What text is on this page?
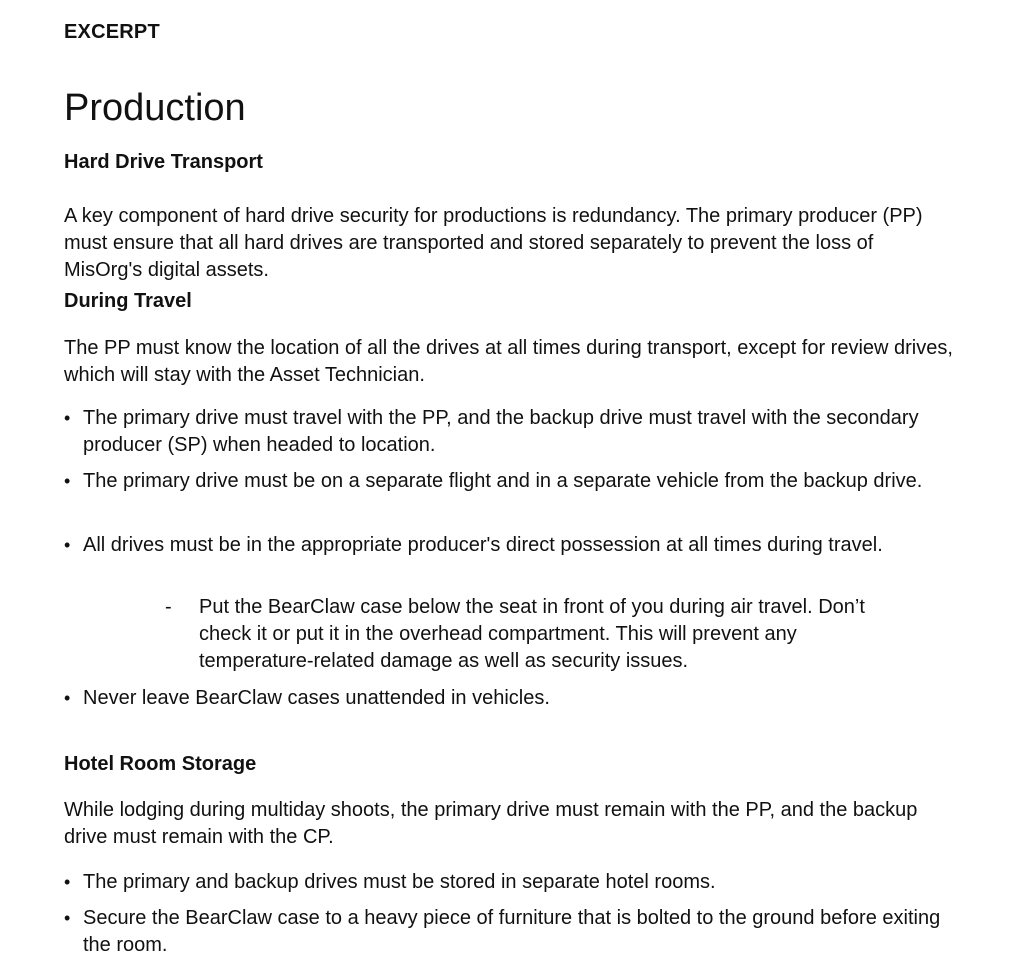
EXCERPT
Production
Hard Drive Transport

A key component of hard drive security for productions is redundancy. The primary producer (PP) must ensure that all hard drives are transported and stored separately to prevent the loss of MisOrg's digital assets.

During Travel

The PP must know the location of all the drives at all times during transport, except for review drives, which will stay with the Asset Technician.

• The primary drive must travel with the PP, and the backup drive must travel with the secondary producer (SP) when headed to location.
• The primary drive must be on a separate flight and in a separate vehicle from the backup drive.
• All drives must be in the appropriate producer's direct possession at all times during travel.
- Put the BearClaw case below the seat in front of you during air travel. Don’t check it or put it in the overhead compartment. This will prevent any temperature-related damage as well as security issues.
• Never leave BearClaw cases unattended in vehicles.
Hotel Room Storage

While lodging during multiday shoots, the primary drive must remain with the PP, and the backup drive must remain with the CP.

• The primary and backup drives must be stored in separate hotel rooms.
• Secure the BearClaw case to a heavy piece of furniture that is bolted to the ground before exiting the room.
